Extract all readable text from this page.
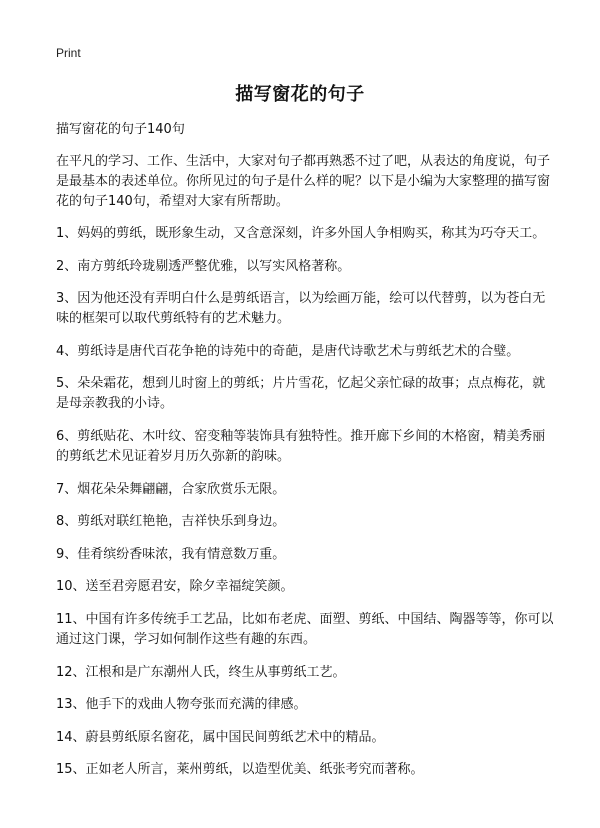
Print
描写窗花的句子

描写窗花的句子140句

在平凡的学习、工作、生活中，大家对句子都再熟悉不过了吧，从表达的角度说，句子是最基本的表述单位。你所见过的句子是什么样的呢？以下是小编为大家整理的描写窗花的句子140句，希望对大家有所帮助。

1、妈妈的剪纸，既形象生动，又含意深刻，许多外国人争相购买，称其为巧夺天工。
2、南方剪纸玲珑剔透严整优雅，以写实风格著称。
3、因为他还没有弄明白什么是剪纸语言，以为绘画万能，绘可以代替剪，以为苍白无味的框架可以取代剪纸特有的艺术魅力。
4、剪纸诗是唐代百花争艳的诗苑中的奇葩，是唐代诗歌艺术与剪纸艺术的合璧。
5、朵朵霜花，想到儿时窗上的剪纸；片片雪花，忆起父亲忙碌的故事；点点梅花，就是母亲教我的小诗。
6、剪纸贴花、木叶纹、窑变釉等装饰具有独特性。推开廊下乡间的木格窗，精美秀丽的剪纸艺术见证着岁月历久弥新的韵味。
7、烟花朵朵舞翩翩，合家欣赏乐无限。
8、剪纸对联红艳艳，吉祥快乐到身边。
9、佳肴缤纷香味浓，我有情意数万重。
10、送至君旁愿君安，除夕幸福绽笑颜。
11、中国有许多传统手工艺品，比如布老虎、面塑、剪纸、中国结、陶器等等，你可以通过这门课，学习如何制作这些有趣的东西。
12、江根和是广东潮州人氏，终生从事剪纸工艺。
13、他手下的戏曲人物夸张而充满的律感。
14、蔚县剪纸原名窗花，属中国民间剪纸艺术中的精品。
15、正如老人所言，莱州剪纸，以造型优美、纸张考究而著称。
